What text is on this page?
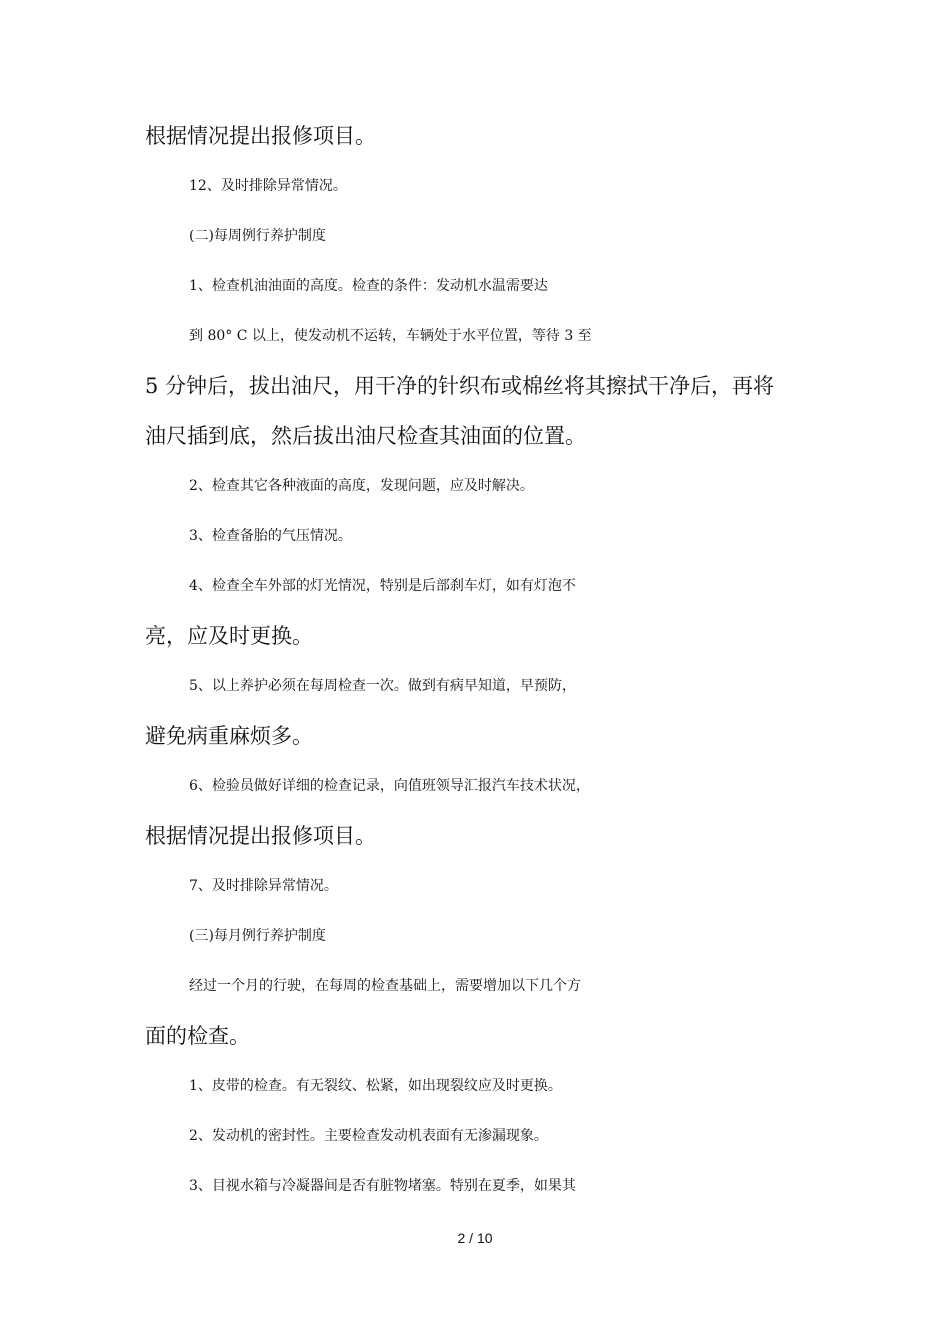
根据情况提出报修项目。
12、及时排除异常情况。
(二)每周例行养护制度
1、检查机油油面的高度。检查的条件：发动机水温需要达
到 80° C 以上，使发动机不运转，车辆处于水平位置，等待 3 至
5 分钟后，拔出油尺，用干净的针织布或棉丝将其擦拭干净后，再将
油尺插到底，然后拔出油尺检查其油面的位置。
2、检查其它各种液面的高度，发现问题，应及时解决。
3、检查备胎的气压情况。
4、检查全车外部的灯光情况，特别是后部刹车灯，如有灯泡不
亮，应及时更换。
5、以上养护必须在每周检查一次。做到有病早知道，早预防，
避免病重麻烦多。
6、检验员做好详细的检查记录，向值班领导汇报汽车技术状况，
根据情况提出报修项目。
7、及时排除异常情况。
(三)每月例行养护制度
经过一个月的行驶，在每周的检查基础上，需要增加以下几个方
面的检查。
1、皮带的检查。有无裂纹、松紧，如出现裂纹应及时更换。
2、发动机的密封性。主要检查发动机表面有无渗漏现象。
3、目视水箱与冷凝器间是否有脏物堵塞。特别在夏季，如果其
2 / 10
